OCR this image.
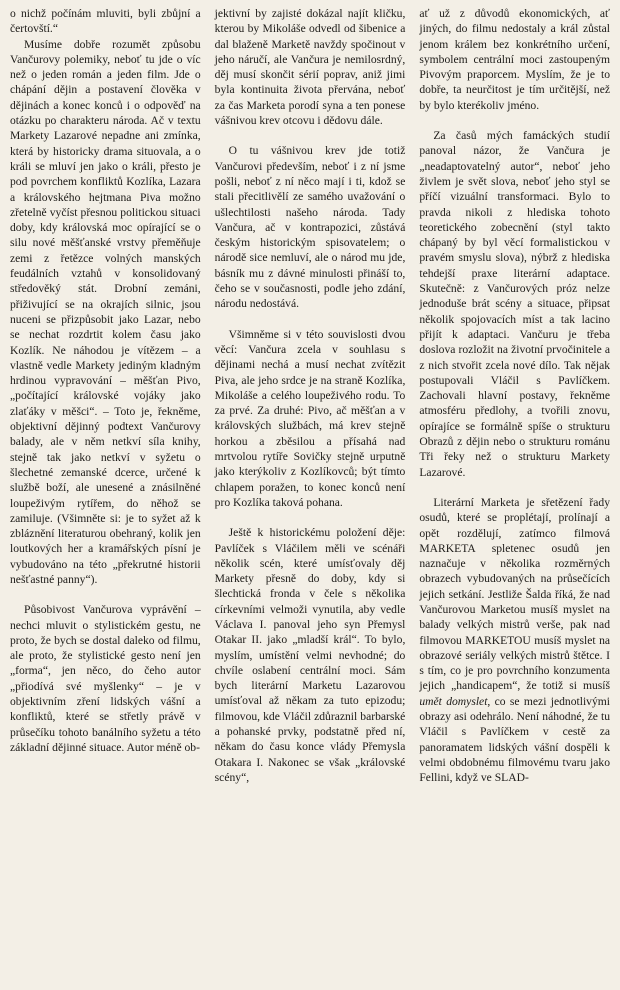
o nichž počínám mluviti, byli zbůjní a čertovští.“

Musíme dobře rozumět způsobu Vančurovy polemiky, neboť tu jde o víc než o jeden román a jeden film. Jde o chápání dějin a postavení člověka v dějinách a konec konců i o odpověď na otázku po charakteru národa. Ač v textu Markety Lazarové nepadne ani zmínka, která by historicky drama situovala, a o králi se mluví jen jako o králi, přesto je pod povrchem konfliktů Kozlíka, Lazara a královského hejtmana Piva možno zřetelně vyčíst přesnou politickou situaci doby, kdy královská moc opírající se o silu nové měšťanské vrstvy přeměňuje zemi z řetězce volných manských feudálních vztahů v konsolidovaný středověký stát. Drobní zemáni, přiživující se na okrajích silnic, jsou nuceni se přizpůsobit jako Lazar, nebo se nechat rozdrtit kolem času jako Kozlík. Ne náhodou je vítězem – a vlastně vedle Markety jediným kladným hrdinou vypravování – měšťan Pivo, „počítající královské vojáky jako zlaťáky v měšci“. – Toto je, řekněme, objektivní dějinný podtext Vančurovy balady, ale v něm netkví síla knihy, stejně tak jako netkví v syžetu o šlechetné zemanské dcerce, určené k službě boží, ale unesené a znásilněné loupeživým rytířem, do něhož se zamiluje. (Všimněte si: je to syžet až k zbláznění literaturou obehraný, kolik jen loutkových her a kramářských písní je vybudováno na této „překrutné historii nešťastné panny“).

Působivost Vančurova vyprávění – nechci mluvit o stylistickém gestu, ne proto, že bych se dostal daleko od filmu, ale proto, že stylistické gesto není jen „forma“, jen něco, do čeho autor „přiodívá své myšlenky“ – je v objektivním zření lidských vášní a konfliktů, které se střetly právě v průsečíku tohoto banálního syžetu a této základní dějinné situace. Autor méně ob-

jektivní by zajisté dokázal najít kličku, kterou by Mikoláše odvedl od šibenice a dal blaženě Marketě navždy spočinout v jeho náručí, ale Vančura je nemilosrdný, děj musí skončit sérií poprav, aniž jimi byla kontinuita života přervána, neboť za čas Marketa porodí syna a ten ponese vášnivou krev otcovu i dědovu dále.

O tu vášnivou krev jde totiž Vančurovi především, neboť i z ní jsme pošli, neboť z ní něco mají i ti, kdož se stali přecitlivělí ze samého uvažování o ušlechtilosti našeho národa. Tady Vančura, ač v kontrapozici, zůstává českým historickým spisovatelem; o národě sice nemluví, ale o národ mu jde, básník mu z dávné minulosti přináší to, čeho se v současnosti, podle jeho zdání, národu nedostává.

Všimněme si v této souvislosti dvou věcí: Vančura zcela v souhlasu s dějinami nechá a musí nechat zvítězit Piva, ale jeho srdce je na straně Kozlíka, Mikoláše a celého loupeživého rodu. To za prvé. Za druhé: Pivo, ač měšťan a v královských službách, má krev stejně horkou a zběsilou a přísahá nad mrtvolou rytíře Sovičky stejně urputně jako kterýkoliv z Kozlíkovců; být tímto chlapem poražen, to konec konců není pro Kozlíka taková pohana.

Ještě k historickému položení děje: Pavlíček s Vláčilem měli ve scénáři několik scén, které umísťovaly děj Markety přesně do doby, kdy si šlechtická fronda v čele s několika církevními velmoži vynutila, aby vedle Václava I. panoval jeho syn Přemysl Otakar II. jako „mladší král“. To bylo, myslím, umístění velmi nevhodné; do chvíle oslabení centrální moci. Sám bych literární Marketu Lazarovou umísťoval až někam za tuto epizodu; filmovou, kde Vláčil zdůraznil barbarské a pohanské prvky, podstatně před ní, někam do času konce vlády Přemysla Otakara I. Nakonec se však „královské scény“,

ať už z důvodů ekonomických, ať jiných, do filmu nedostaly a král zůstal jenom králem bez konkrétního určení, symbolem centrální moci zastoupeným Pivovým praporcem. Myslím, že je to dobře, ta neurčitost je tím určitější, než by bylo kterékoliv jméno.

Za časů mých famáckých studií panoval názor, že Vančura je „neadaptovatelný autor“, neboť jeho živlem je svět slova, neboť jeho styl se příčí vizuální transformaci. Bylo to pravda nikoli z hlediska tohoto teoretického zobecnění (styl takto chápaný by byl věcí formalistickou v pravém smyslu slova), nýbrž z hlediska tehdejší praxe literární adaptace. Skutečně: z Vančurových próz nelze jednoduše brát scény a situace, připsat několik spojovacích míst a tak lacino přijít k adaptaci. Vančuru je třeba doslova rozložit na životní prvočinitele a z nich stvořit zcela nové dílo. Tak nějak postupovali Vláčil s Pavlíčkem. Zachovali hlavní postavy, řekněme atmosféru předlohy, a tvořili znovu, opírajíce se formálně spíše o strukturu Obrazů z dějin nebo o strukturu románu Tři řeky než o strukturu Markety Lazarové.

Literární Marketa je sřetězení řady osudů, které se proplétají, prolínají a opět rozdělují, zatímco filmová MARKETA spletenec osudů jen naznačuje v několika rozměrných obrazech vybudovaných na průsečících jejich setkání. Jestliže Šalda říká, že nad Vančurovou Marketou musíš myslet na balady velkých mistrů verše, pak nad filmovou MARKETOU musíš myslet na obrazové seriály velkých mistrů štětce. I s tím, co je pro povrchního konzumenta jejich „handicapem“, že totiž si musíš umět domyslet, co se mezi jednotlivými obrazy asi odehrálo. Není náhodné, že tu Vláčil s Pavlíčkem v cestě za panoramatem lidských vášní dospěli k velmi obdobnému filmovému tvaru jako Fellini, když ve SLAD-
